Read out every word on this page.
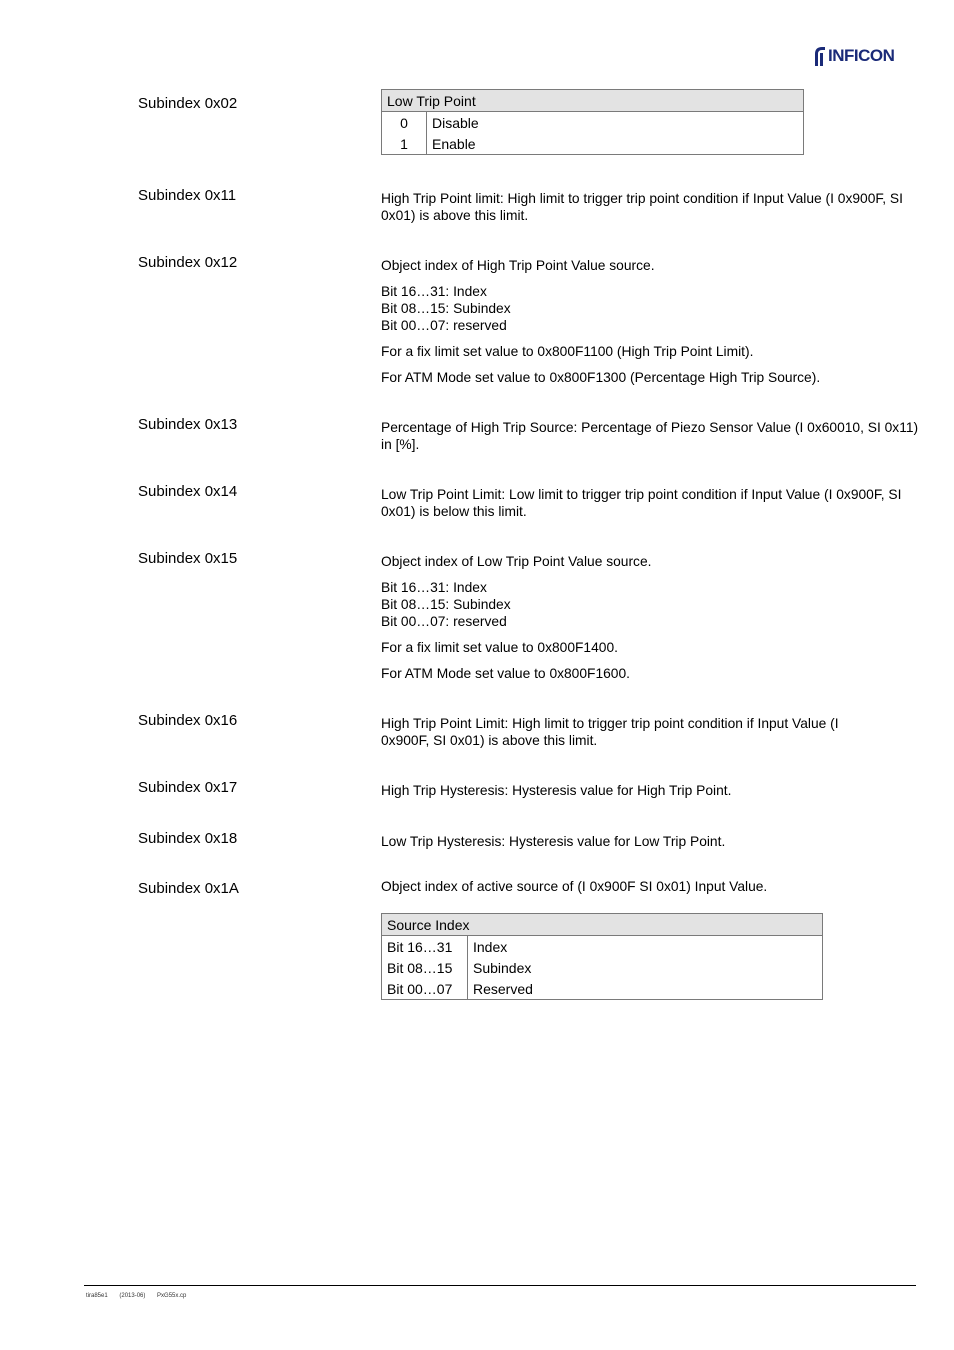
INFICON
Subindex 0x02	Low Trip Point	
0	Disable
1	Enable
Subindex 0x11	High Trip Point limit: High limit to trigger trip point condition if Input Value (I 0x900F, SI 0x01) is above this limit.

Subindex 0x12	Object index of High Trip Point Value source.

Bit 16…31: Index
Bit 08…15: Subindex
Bit 00…07: reserved

For a fix limit set value to 0x800F1100 (High Trip Point Limit).

For ATM Mode set value to 0x800F1300 (Percentage High Trip Source).

Subindex 0x13	Percentage of High Trip Source: Percentage of Piezo Sensor Value (I 0x60010, SI 0x11) in [%].

Subindex 0x14	Low Trip Point Limit: Low limit to trigger trip point condition if Input Value (I 0x900F, SI 0x01) is below this limit.

Subindex 0x15	Object index of Low Trip Point Value source.

Bit 16…31: Index
Bit 08…15: Subindex
Bit 00…07: reserved

For a fix limit set value to 0x800F1400.

For ATM Mode set value to 0x800F1600.

Subindex 0x16	High Trip Point Limit: High limit to trigger trip point condition if Input Value (I 0x900F, SI 0x01) is above this limit.

Subindex 0x17	High Trip Hysteresis: Hysteresis value for High Trip Point.

Subindex 0x18	Low Trip Hysteresis: Hysteresis value for Low Trip Point.

Subindex 0x1A	Object index of active source of (I 0x900F SI 0x01) Input Value.

Source Index	
Bit 16…31	Index
Bit 08…15	Subindex
Bit 00…07	Reserved
tira85e1 (2013-06) PxG55x.cp
